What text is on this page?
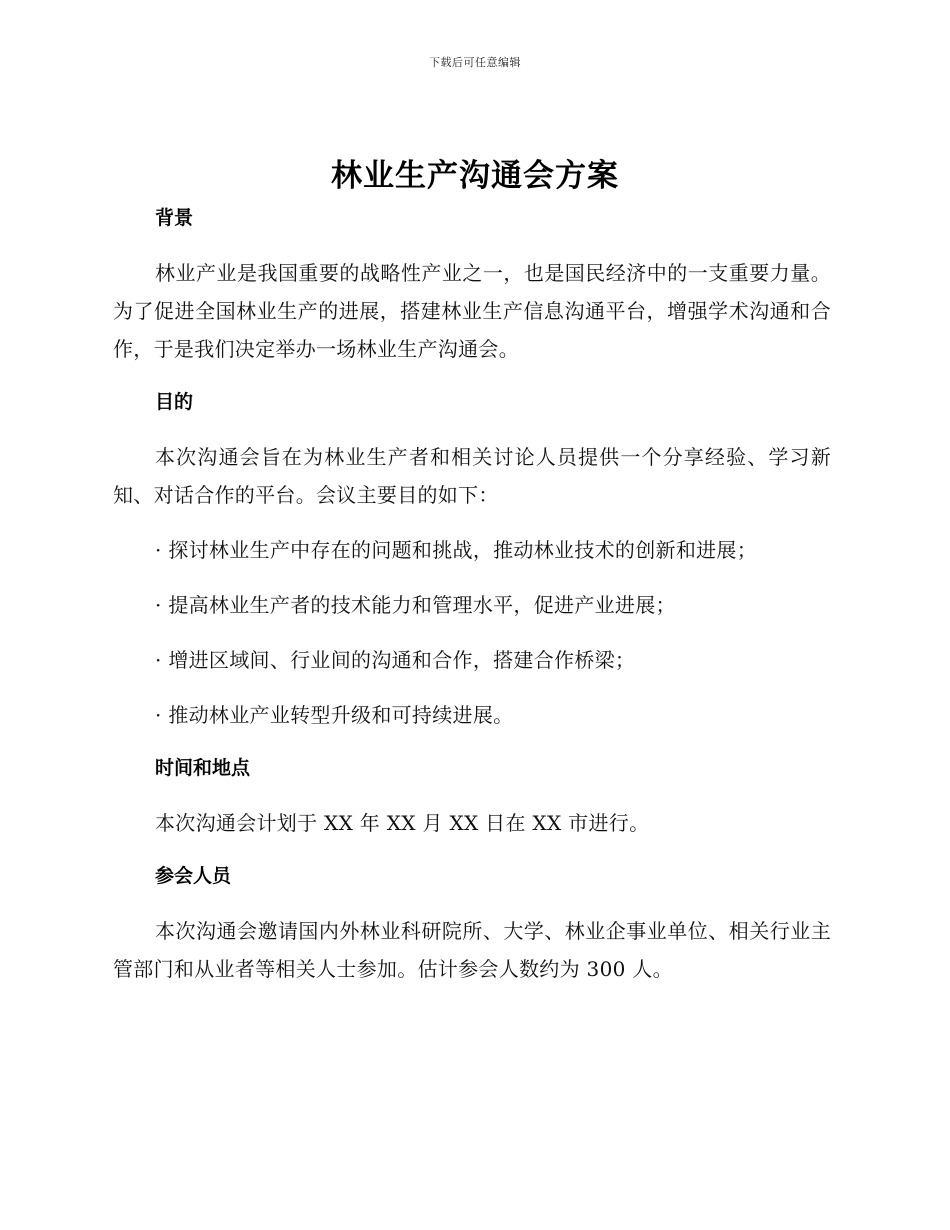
下载后可任意编辑
林业生产沟通会方案
背景

林业产业是我国重要的战略性产业之一，也是国民经济中的一支重要力量。为了促进全国林业生产的进展，搭建林业生产信息沟通平台，增强学术沟通和合作，于是我们决定举办一场林业生产沟通会。

目的

本次沟通会旨在为林业生产者和相关讨论人员提供一个分享经验、学习新知、对话合作的平台。会议主要目的如下：

· 探讨林业生产中存在的问题和挑战，推动林业技术的创新和进展；

· 提高林业生产者的技术能力和管理水平，促进产业进展；

· 增进区域间、行业间的沟通和合作，搭建合作桥梁；

· 推动林业产业转型升级和可持续进展。

时间和地点

本次沟通会计划于 XX 年 XX 月 XX 日在 XX 市进行。

参会人员

本次沟通会邀请国内外林业科研院所、大学、林业企事业单位、相关行业主管部门和从业者等相关人士参加。估计参会人数约为 300 人。
